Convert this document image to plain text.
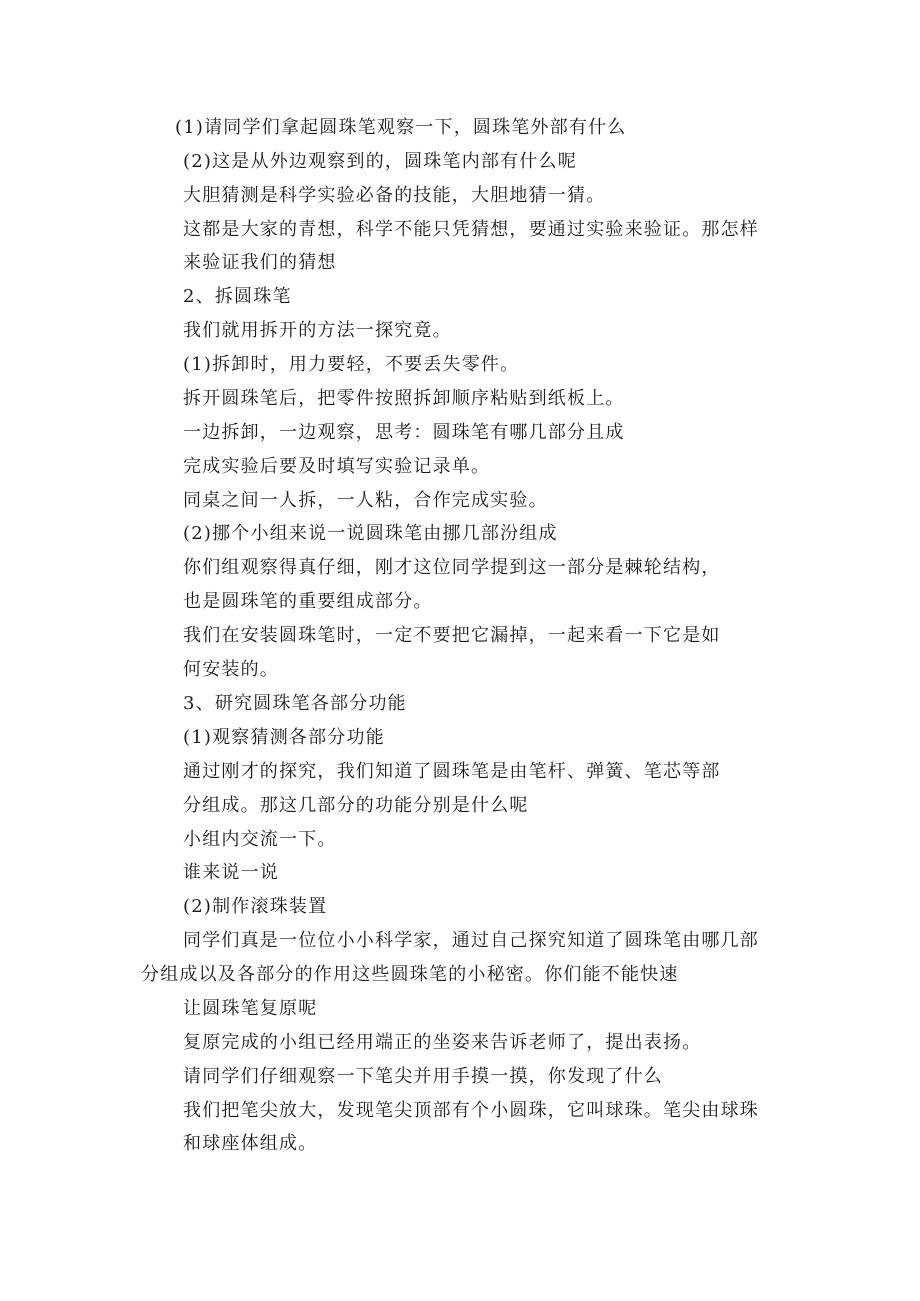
(1)请同学们拿起圆珠笔观察一下，圆珠笔外部有什么
(2)这是从外边观察到的，圆珠笔内部有什么呢
大胆猜测是科学实验必备的技能，大胆地猜一猜。
这都是大家的青想，科学不能只凭猜想，要通过实验来验证。那怎样
来验证我们的猜想
2、拆圆珠笔
我们就用拆开的方法一探究竟。
(1)拆卸时，用力要轻，不要丢失零件。
拆开圆珠笔后，把零件按照拆卸顺序粘贴到纸板上。
一边拆卸，一边观察，思考：圆珠笔有哪几部分且成
完成实验后要及时填写实验记录单。
同桌之间一人拆，一人粘，合作完成实验。
(2)挪个小组来说一说圆珠笔由挪几部汾组成
你们组观察得真仔细，刚才这位同学提到这一部分是棘轮结构，
也是圆珠笔的重要组成部分。
我们在安装圆珠笔时，一定不要把它漏掉，一起来看一下它是如
何安装的。
3、研究圆珠笔各部分功能
(1)观察猜测各部分功能
通过刚才的探究，我们知道了圆珠笔是由笔杆、弹簧、笔芯等部
分组成。那这几部分的功能分别是什么呢
小组内交流一下。
谁来说一说
(2)制作滚珠装置
同学们真是一位位小小科学家，通过自己探究知道了圆珠笔由哪几部
分组成以及各部分的作用这些圆珠笔的小秘密。你们能不能快速
让圆珠笔复原呢
复原完成的小组已经用端正的坐姿来告诉老师了，提出表扬。
请同学们仔细观察一下笔尖并用手摸一摸，你发现了什么
我们把笔尖放大，发现笔尖顶部有个小圆珠，它叫球珠。笔尖由球珠
和球座体组成。
